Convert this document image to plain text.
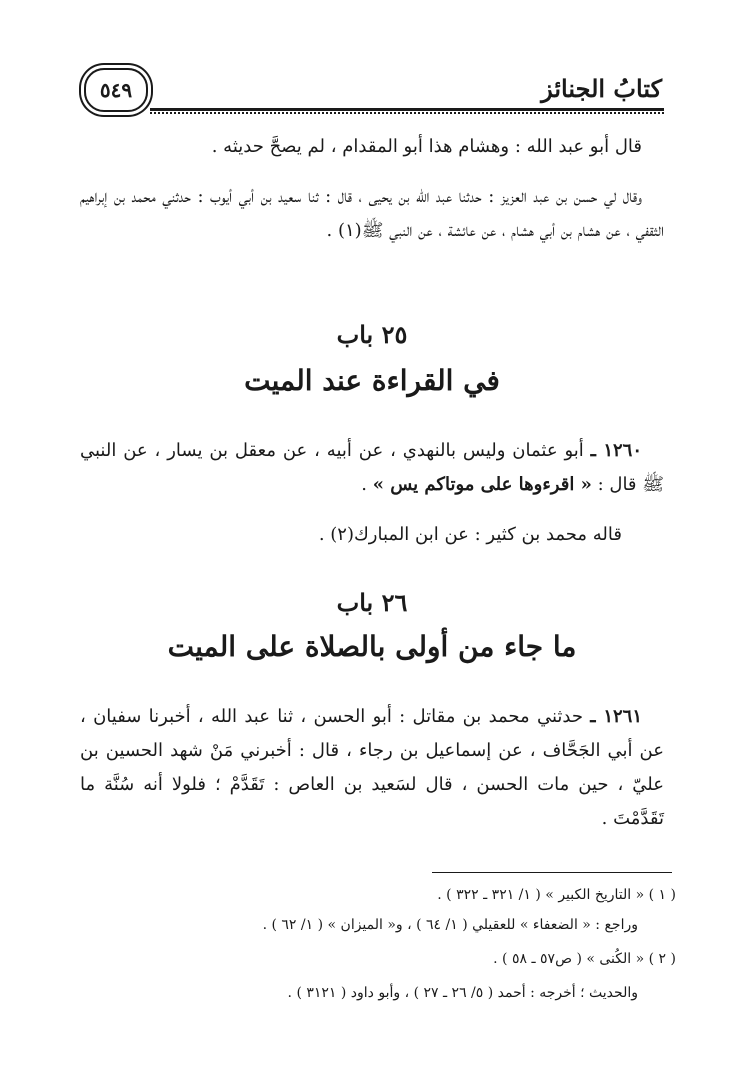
كتابُ الجنائز
٥٤٩

قال أبو عبد الله : وهشام هذا أبو المقدام ، لم يصحَّ حديثه .

وقال لي حسن بن عبد العزيز : حدثنا عبد الله بن يحيى ، قال : ثنا سعيد بن أبي أيوب : حدثني محمد بن إبراهيم الثقفي ، عن هشام بن أبي هشام ، عن عائشة ، عن النبي ﷺ(١) .

٢٥ باب

في القراءة عند الميت

١٢٦٠ ـ أبو عثمان وليس بالنهدي ، عن أبيه ، عن معقل بن يسار ، عن النبي ﷺ قال : « اقرءوها على موتاكم يس » .

قاله محمد بن كثير : عن ابن المبارك(٢) .

٢٦ باب

ما جاء من أولى بالصلاة على الميت

١٢٦١ ـ حدثني محمد بن مقاتل : أبو الحسن ، ثنا عبد الله ، أخبرنا سفيان ، عن أبي الجَحَّاف ، عن إسماعيل بن رجاء ، قال : أخبرني مَنْ شهد الحسين بن عليّ ، حين مات الحسن ، قال لسَعيد بن العاص : تَقَدَّمْ ؛ فلولا أنه سُنَّة ما تَقَدَّمْتَ .

( ١ ) « التاريخ الكبير » ( ١/ ٣٢١ ـ ٣٢٢ ) .

وراجع : « الضعفاء » للعقيلي ( ١/ ٦٤ ) ، و« الميزان » ( ١/ ٦٢ ) .

( ٢ ) « الكُنى » ( ص٥٧ ـ ٥٨ ) .

والحديث ؛ أخرجه : أحمد ( ٥/ ٢٦ ـ ٢٧ ) ، وأبو داود ( ٣١٢١ ) .
